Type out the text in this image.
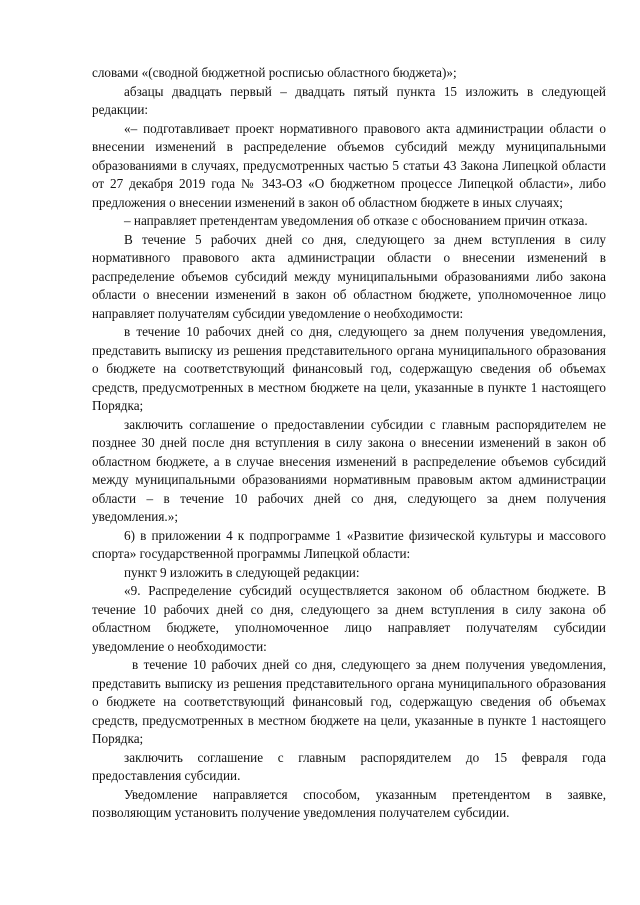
словами «(сводной бюджетной росписью областного бюджета)»;

абзацы двадцать первый – двадцать пятый пункта 15 изложить в следующей редакции:

«– подготавливает проект нормативного правового акта администрации области о внесении изменений в распределение объемов субсидий между муниципальными образованиями в случаях, предусмотренных частью 5 статьи 43 Закона Липецкой области от 27 декабря 2019 года № 343-ОЗ «О бюджетном процессе Липецкой области», либо предложения о внесении изменений в закон об областном бюджете в иных случаях;

– направляет претендентам уведомления об отказе с обоснованием причин отказа.

В течение 5 рабочих дней со дня, следующего за днем вступления в силу нормативного правового акта администрации области о внесении изменений в распределение объемов субсидий между муниципальными образованиями либо закона области о внесении изменений в закон об областном бюджете, уполномоченное лицо направляет получателям субсидии уведомление о необходимости:

в течение 10 рабочих дней со дня, следующего за днем получения уведомления, представить выписку из решения представительного органа муниципального образования о бюджете на соответствующий финансовый год, содержащую сведения об объемах средств, предусмотренных в местном бюджете на цели, указанные в пункте 1 настоящего Порядка;

заключить соглашение о предоставлении субсидии с главным распорядителем не позднее 30 дней после дня вступления в силу закона о внесении изменений в закон об областном бюджете, а в случае внесения изменений в распределение объемов субсидий между муниципальными образованиями нормативным правовым актом администрации области – в течение 10 рабочих дней со дня, следующего за днем получения уведомления.»;

6) в приложении 4 к подпрограмме 1 «Развитие физической культуры и массового спорта» государственной программы Липецкой области:

пункт 9 изложить в следующей редакции:

«9. Распределение субсидий осуществляется законом об областном бюджете. В течение 10 рабочих дней со дня, следующего за днем вступления в силу закона об областном бюджете, уполномоченное лицо направляет получателям субсидии уведомление о необходимости:

в течение 10 рабочих дней со дня, следующего за днем получения уведомления, представить выписку из решения представительного органа муниципального образования о бюджете на соответствующий финансовый год, содержащую сведения об объемах средств, предусмотренных в местном бюджете на цели, указанные в пункте 1 настоящего Порядка;

заключить соглашение с главным распорядителем до 15 февраля года предоставления субсидии.

Уведомление направляется способом, указанным претендентом в заявке, позволяющим установить получение уведомления получателем субсидии.
